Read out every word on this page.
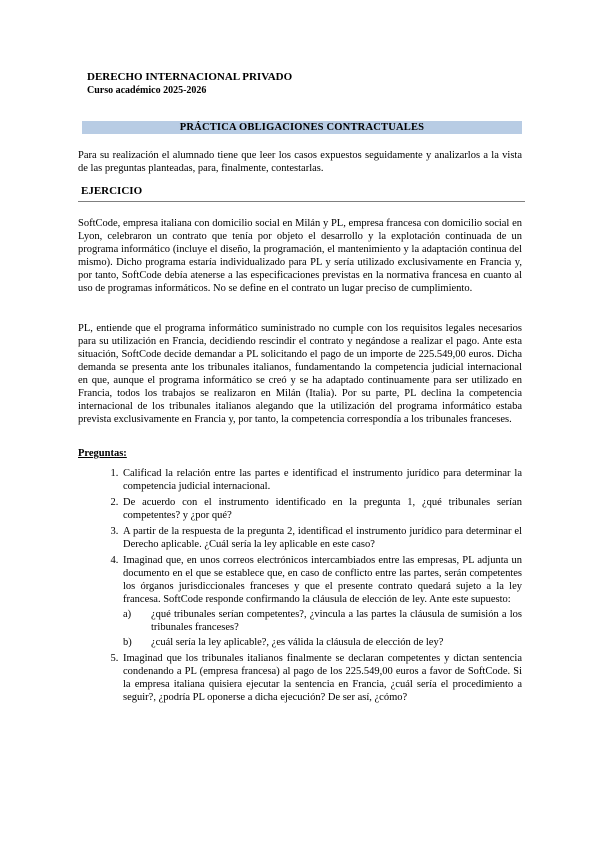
DERECHO INTERNACIONAL PRIVADO
Curso académico 2025-2026
PRÁCTICA OBLIGACIONES CONTRACTUALES
Para su realización el alumnado tiene que leer los casos expuestos seguidamente y analizarlos a la vista de las preguntas planteadas, para, finalmente, contestarlas.
EJERCICIO
SoftCode, empresa italiana con domicilio social en Milán y PL, empresa francesa con domicilio social en Lyon, celebraron un contrato que tenía por objeto el desarrollo y la explotación continuada de un programa informático (incluye el diseño, la programación, el mantenimiento y la adaptación continua del mismo). Dicho programa estaría individualizado para PL y sería utilizado exclusivamente en Francia y, por tanto, SoftCode debía atenerse a las especificaciones previstas en la normativa francesa en cuanto al uso de programas informáticos. No se define en el contrato un lugar preciso de cumplimiento.
PL, entiende que el programa informático suministrado no cumple con los requisitos legales necesarios para su utilización en Francia, decidiendo rescindir el contrato y negándose a realizar el pago. Ante esta situación, SoftCode decide demandar a PL solicitando el pago de un importe de 225.549,00 euros. Dicha demanda se presenta ante los tribunales italianos, fundamentando la competencia judicial internacional en que, aunque el programa informático se creó y se ha adaptado continuamente para ser utilizado en Francia, todos los trabajos se realizaron en Milán (Italia). Por su parte, PL declina la competencia internacional de los tribunales italianos alegando que la utilización del programa informático estaba prevista exclusivamente en Francia y, por tanto, la competencia correspondía a los tribunales franceses.
Preguntas:
1. Calificad la relación entre las partes e identificad el instrumento jurídico para determinar la competencia judicial internacional.
2. De acuerdo con el instrumento identificado en la pregunta 1, ¿qué tribunales serían competentes? y ¿por qué?
3. A partir de la respuesta de la pregunta 2, identificad el instrumento jurídico para determinar el Derecho aplicable. ¿Cuál sería la ley aplicable en este caso?
4. Imaginad que, en unos correos electrónicos intercambiados entre las empresas, PL adjunta un documento en el que se establece que, en caso de conflicto entre las partes, serán competentes los órganos jurisdiccionales franceses y que el presente contrato quedará sujeto a la ley francesa. SoftCode responde confirmando la cláusula de elección de ley. Ante este supuesto:
a) ¿qué tribunales serían competentes?, ¿vincula a las partes la cláusula de sumisión a los tribunales franceses?
b) ¿cuál sería la ley aplicable?, ¿es válida la cláusula de elección de ley?
5. Imaginad que los tribunales italianos finalmente se declaran competentes y dictan sentencia condenando a PL (empresa francesa) al pago de los 225.549,00 euros a favor de SoftCode. Si la empresa italiana quisiera ejecutar la sentencia en Francia, ¿cuál sería el procedimiento a seguir?, ¿podría PL oponerse a dicha ejecución? De ser así, ¿cómo?
